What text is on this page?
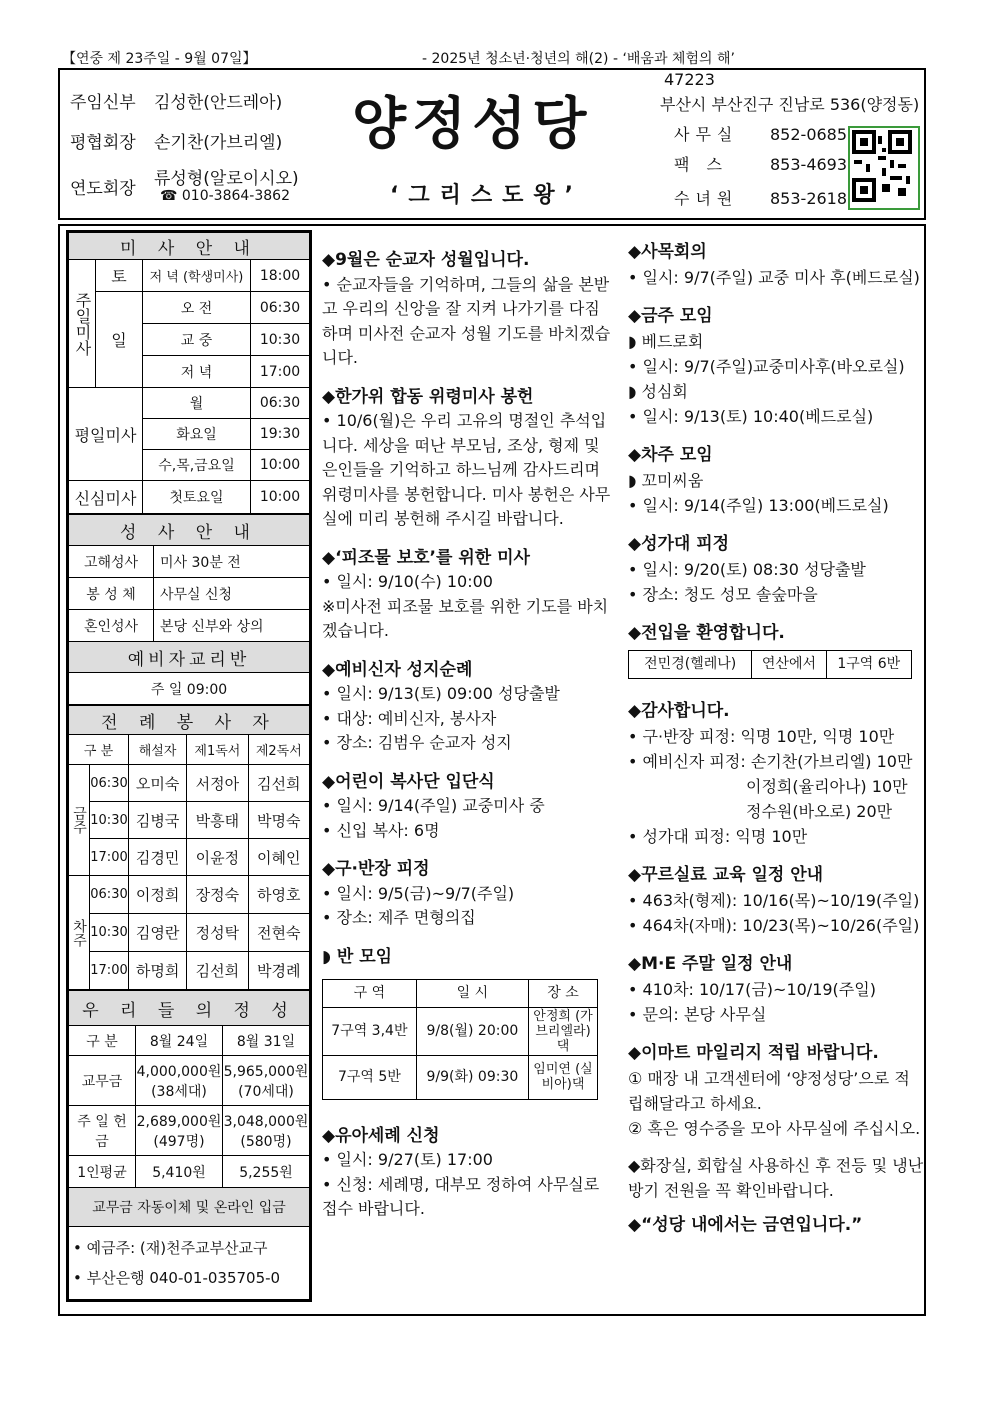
【연중 제 23주일 - 9월 07일】	- 2025년 청소년·청년의 해(2) - ‘배움과 체험의 해’
주임신부 김성한(안드레아)
평협회장 손기찬(가브리엘)
연도회장	류성형(알로이시오)
☎ 010-3864-3862
양정성당
‘그리스도왕’
47223
부산시 부산진구 진남로 536(양정동)
사무실 852-0685
팩 스	853-4693
수녀원 853-2618
미 사 안 내			
주일미사	토	저 녁 (학생미사)	18:00
	일	오 전	06:30
		교 중	10:30
		저 녁	17:00
평일미사		월	06:30
		화요일	19:30
		수,목,금요일	10:00
신심미사		첫토요일	10:00
성 사 안 내	
고해성사	미사 30분 전
봉 성 체	사무실 신청
혼인성사	본당 신부와 상의
예비자교리반	
주 일 09:00	
전 례 봉 사 자				
구 분		해설자	제1독서	제2독서
금주	06:30	오미숙	서정아	김선희
	10:30	김병국	박흥태	박명숙
	17:00	김경민	이윤정	이혜인
차주	06:30	이정희	장정숙	하영호
	10:30	김영란	정성탁	전현숙
	17:00	하명희	김선희	박경례
우 리 들 의 정 성		
구 분	8월 24일	8월 31일
교무금	4,000,000원 (38세대)	5,965,000원 (70세대)
주 일 헌 금	2,689,000원 (497명)	3,048,000원 (580명)
1인평균	5,410원	5,255원
교무금 자동이체 및 온라인 입금		

• 예금주: (재)천주교부산교구
• 부산은행 040-01-035705-0		
◆9월은 순교자 성월입니다.

• 순교자들을 기억하며, 그들의 삶을 본받고 우리의 신앙을 잘 지켜 나가기를 다짐하며 미사전 순교자 성월 기도를 바치겠습니다.

◆한가위 합동 위령미사 봉헌

• 10/6(월)은 우리 고유의 명절인 추석입니다. 세상을 떠난 부모님, 조상, 형제 및 은인들을 기억하고 하느님께 감사드리며 위령미사를 봉헌합니다. 미사 봉헌은 사무실에 미리 봉헌해 주시길 바랍니다.

◆‘피조물 보호’를 위한 미사

• 일시: 9/10(수) 10:00

※미사전 피조물 보호를 위한 기도를 바치겠습니다.

◆예비신자 성지순례

• 일시: 9/13(토) 09:00 성당출발

• 대상: 예비신자, 봉사자

• 장소: 김범우 순교자 성지

◆어린이 복사단 입단식

• 일시: 9/14(주일) 교중미사 중

• 신입 복사: 6명

◆구·반장 피정

• 일시: 9/5(금)~9/7(주일)

• 장소: 제주 면형의집

◗ 반 모임
구 역	일 시	장 소
7구역 3,4반	9/8(월) 20:00	안정희 (가브리엘라)댁
7구역 5반	9/9(화) 09:30	임미연 (실비아)댁
◆유아세례 신청

• 일시: 9/27(토) 17:00

• 신청: 세례명, 대부모 정하여 사무실로 접수 바랍니다.

◆사목회의

• 일시: 9/7(주일) 교중 미사 후(베드로실)

◆금주 모임

◗ 베드로회

• 일시: 9/7(주일)교중미사후(바오로실)

◗ 성심회

• 일시: 9/13(토) 10:40(베드로실)

◆차주 모임

◗ 꼬미씨움

• 일시: 9/14(주일) 13:00(베드로실)

◆성가대 피정

• 일시: 9/20(토) 08:30 성당출발

• 장소: 청도 성모 솔숲마을

◆전입을 환영합니다.
전민경(헬레나)	연산에서	1구역 6반
◆감사합니다.

• 구·반장 피정: 익명 10만, 익명 10만

• 예비신자 피정: 손기찬(가브리엘) 10만

이정희(율리아나) 10만

정수원(바오로) 20만

• 성가대 피정: 익명 10만

◆꾸르실료 교육 일정 안내

• 463차(형제): 10/16(목)~10/19(주일)

• 464차(자매): 10/23(목)~10/26(주일)

◆M·E 주말 일정 안내

• 410차: 10/17(금)~10/19(주일)

• 문의: 본당 사무실

◆이마트 마일리지 적립 바랍니다.

① 매장 내 고객센터에 ‘양정성당’으로 적립해달라고 하세요.

② 혹은 영수증을 모아 사무실에 주십시오.

◆화장실, 회합실 사용하신 후 전등 및 냉난방기 전원을 꼭 확인바랍니다.

◆“성당 내에서는 금연입니다.”
